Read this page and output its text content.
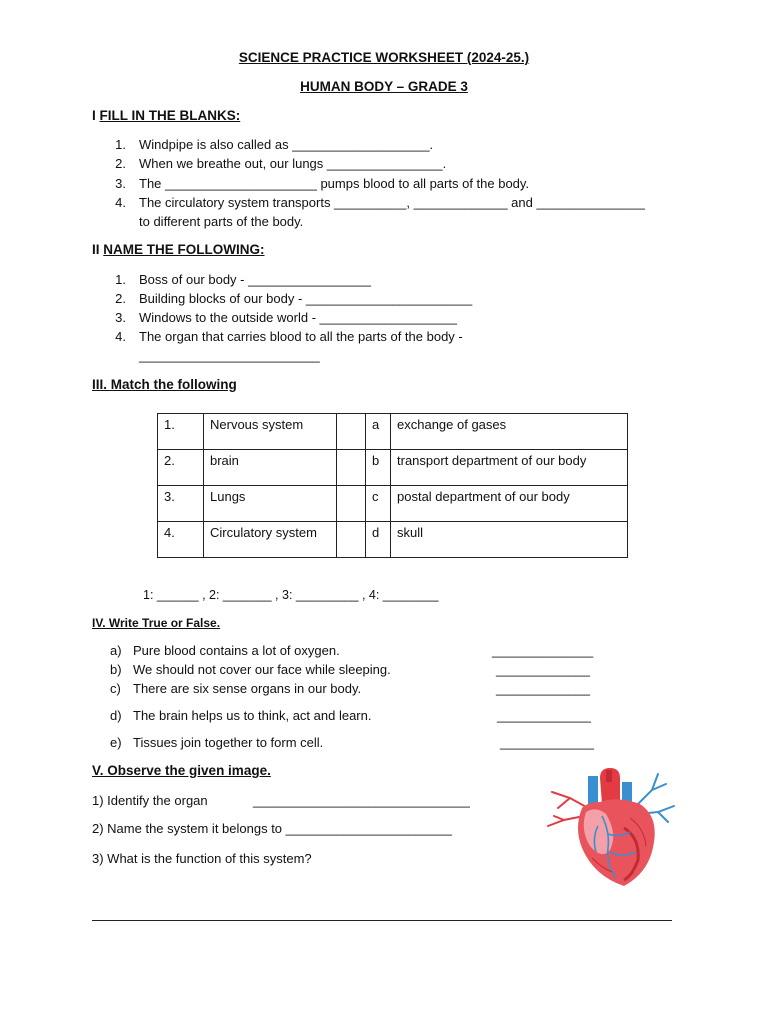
SCIENCE PRACTICE WORKSHEET (2024-25.)
HUMAN BODY – GRADE 3
I FILL IN THE BLANKS:
1. Windpipe is also called as ___________________.
2. When we breathe out, our lungs ________________.
3. The _____________________ pumps blood to all parts of the body.
4. The circulatory system transports __________, _____________ and _______________
to different parts of the body.
II NAME THE FOLLOWING:
1. Boss of our body - _________________
2. Building blocks of our body - _______________________
3. Windows to the outside world - ___________________
4. The organ that carries blood to all the parts of the body -
_________________________
III. Match the following
1.	Nervous system		a	exchange of gases
2.	brain		b	transport department of our body
3.	Lungs		c	postal department of our body
4.	Circulatory system		d	skull
1: ______ , 2: _______ , 3: _________ , 4: ________
IV. Write True or False.
a) Pure blood contains a lot of oxygen.	______________
b) We should not cover our face while sleeping.	_____________
c) There are six sense organs in our body.	_____________
d) The brain helps us to think, act and learn.	_____________
e) Tissues join together to form cell.	_____________
V. Observe the given image.
1) Identify the organ	______________________________
2) Name the system it belongs to _______________________
3) What is the function of this system?
